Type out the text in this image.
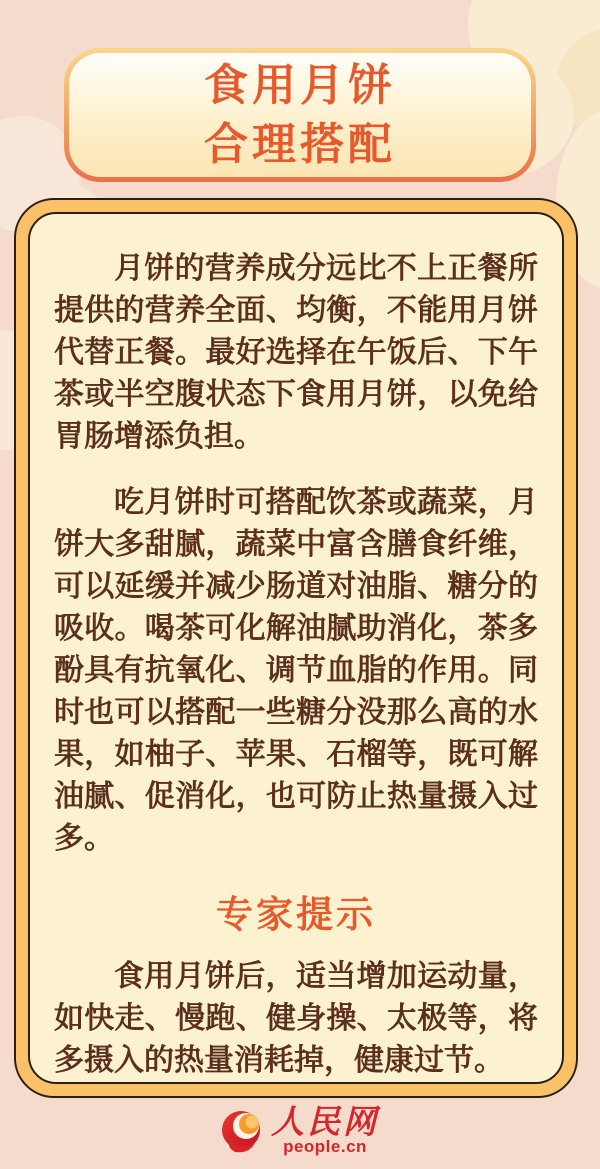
食用月饼
合理搭配

月饼的营养成分远比不上正餐所提供的营养全面、均衡，不能用月饼代替正餐。最好选择在午饭后、下午茶或半空腹状态下食用月饼，以免给胃肠增添负担。

吃月饼时可搭配饮茶或蔬菜，月饼大多甜腻，蔬菜中富含膳食纤维，可以延缓并减少肠道对油脂、糖分的吸收。喝茶可化解油腻助消化，茶多酚具有抗氧化、调节血脂的作用。同时也可以搭配一些糖分没那么高的水果，如柚子、苹果、石榴等，既可解油腻、促消化，也可防止热量摄入过多。

专家提示

食用月饼后，适当增加运动量，如快走、慢跑、健身操、太极等，将多摄入的热量消耗掉，健康过节。

人民网
people.cn
